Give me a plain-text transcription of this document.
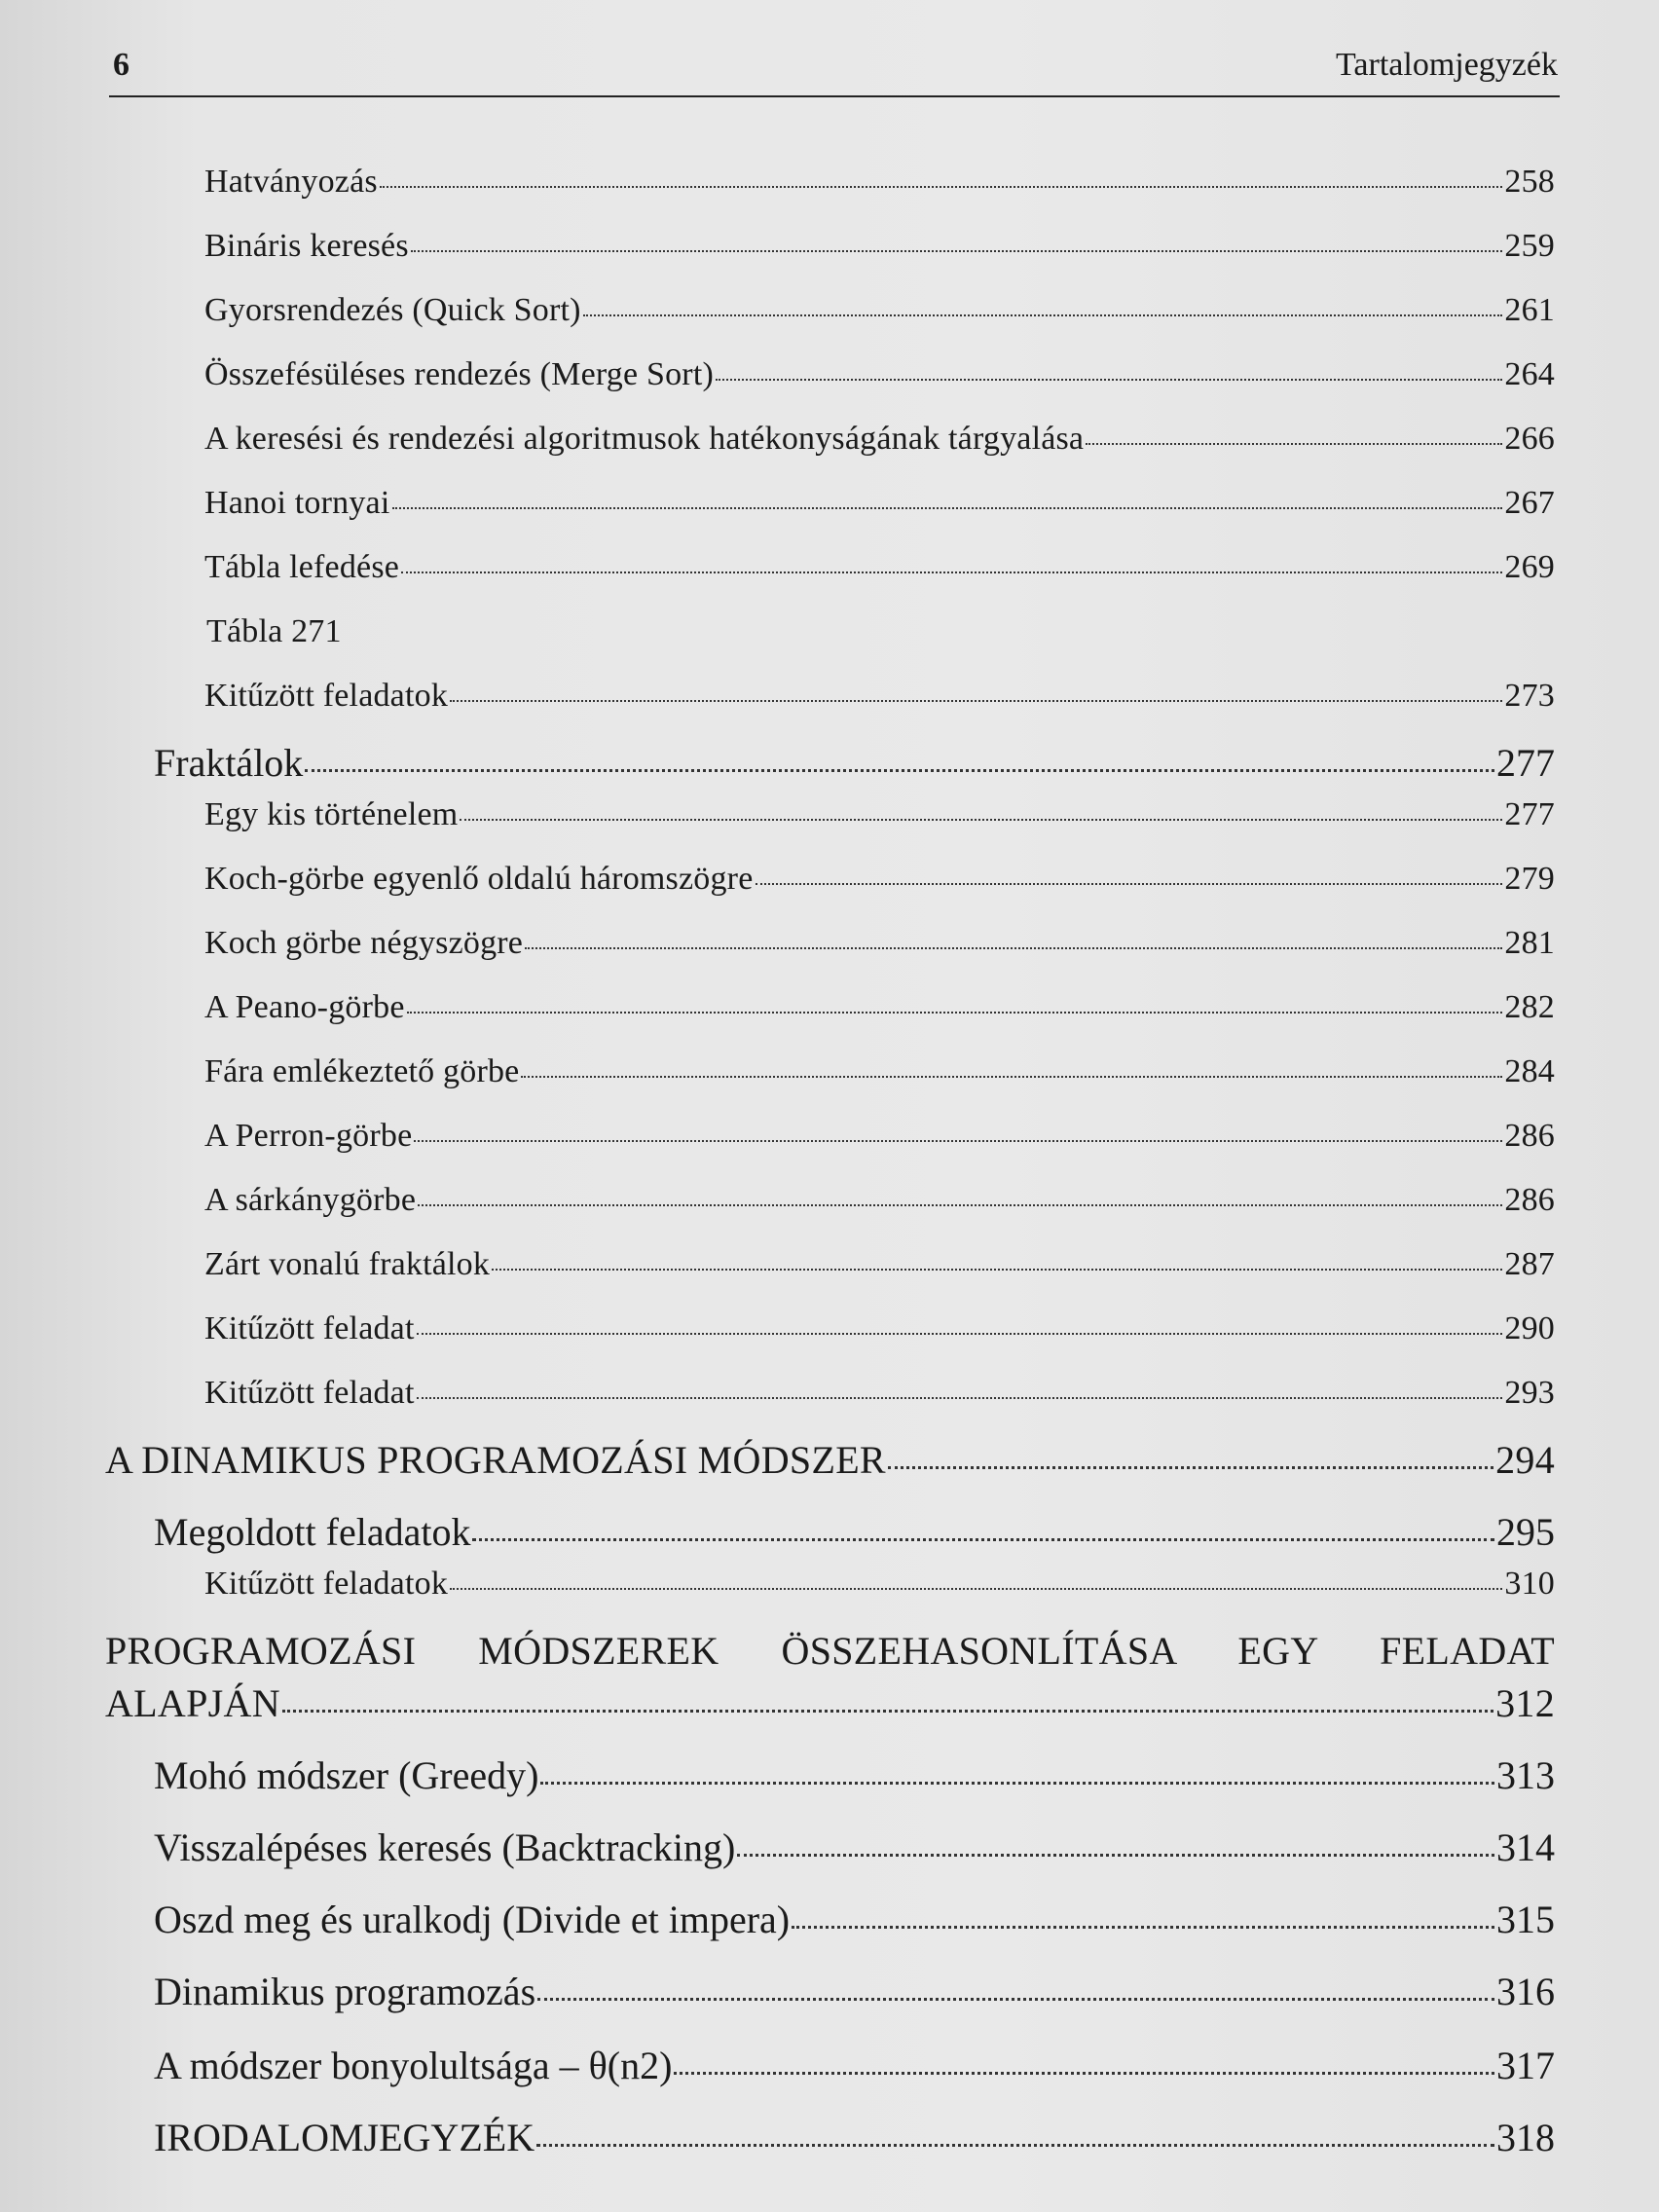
6	Tartalomjegyzék
Hatványozás	258
Bináris keresés	259
Gyorsrendezés (Quick Sort)	261
Összefésüléses rendezés (Merge Sort)	264
A keresési és rendezési algoritmusok hatékonyságának tárgyalása	266
Hanoi tornyai	267
Tábla lefedése	269
Tábla 271
Kitűzött feladatok	273
Fraktálok	277
Egy kis történelem	277
Koch-görbe egyenlő oldalú háromszögre	279
Koch görbe négyszögre	281
A Peano-görbe	282
Fára emlékeztető görbe	284
A Perron-görbe	286
A sárkánygörbe	286
Zárt vonalú fraktálok	287
Kitűzött feladat	290
Kitűzött feladat	293
A DINAMIKUS PROGRAMOZÁSI MÓDSZER	294
Megoldott feladatok	295
Kitűzött feladatok	310
PROGRAMOZÁSI MÓDSZEREK ÖSSZEHASONLÍTÁSA EGY FELADAT
ALAPJÁN	312
Mohó módszer (Greedy)	313
Visszalépéses keresés (Backtracking)	314
Oszd meg és uralkodj (Divide et impera)	315
Dinamikus programozás	316
A módszer bonyolultsága – θ(n2)	317
IRODALOMJEGYZÉK	318
